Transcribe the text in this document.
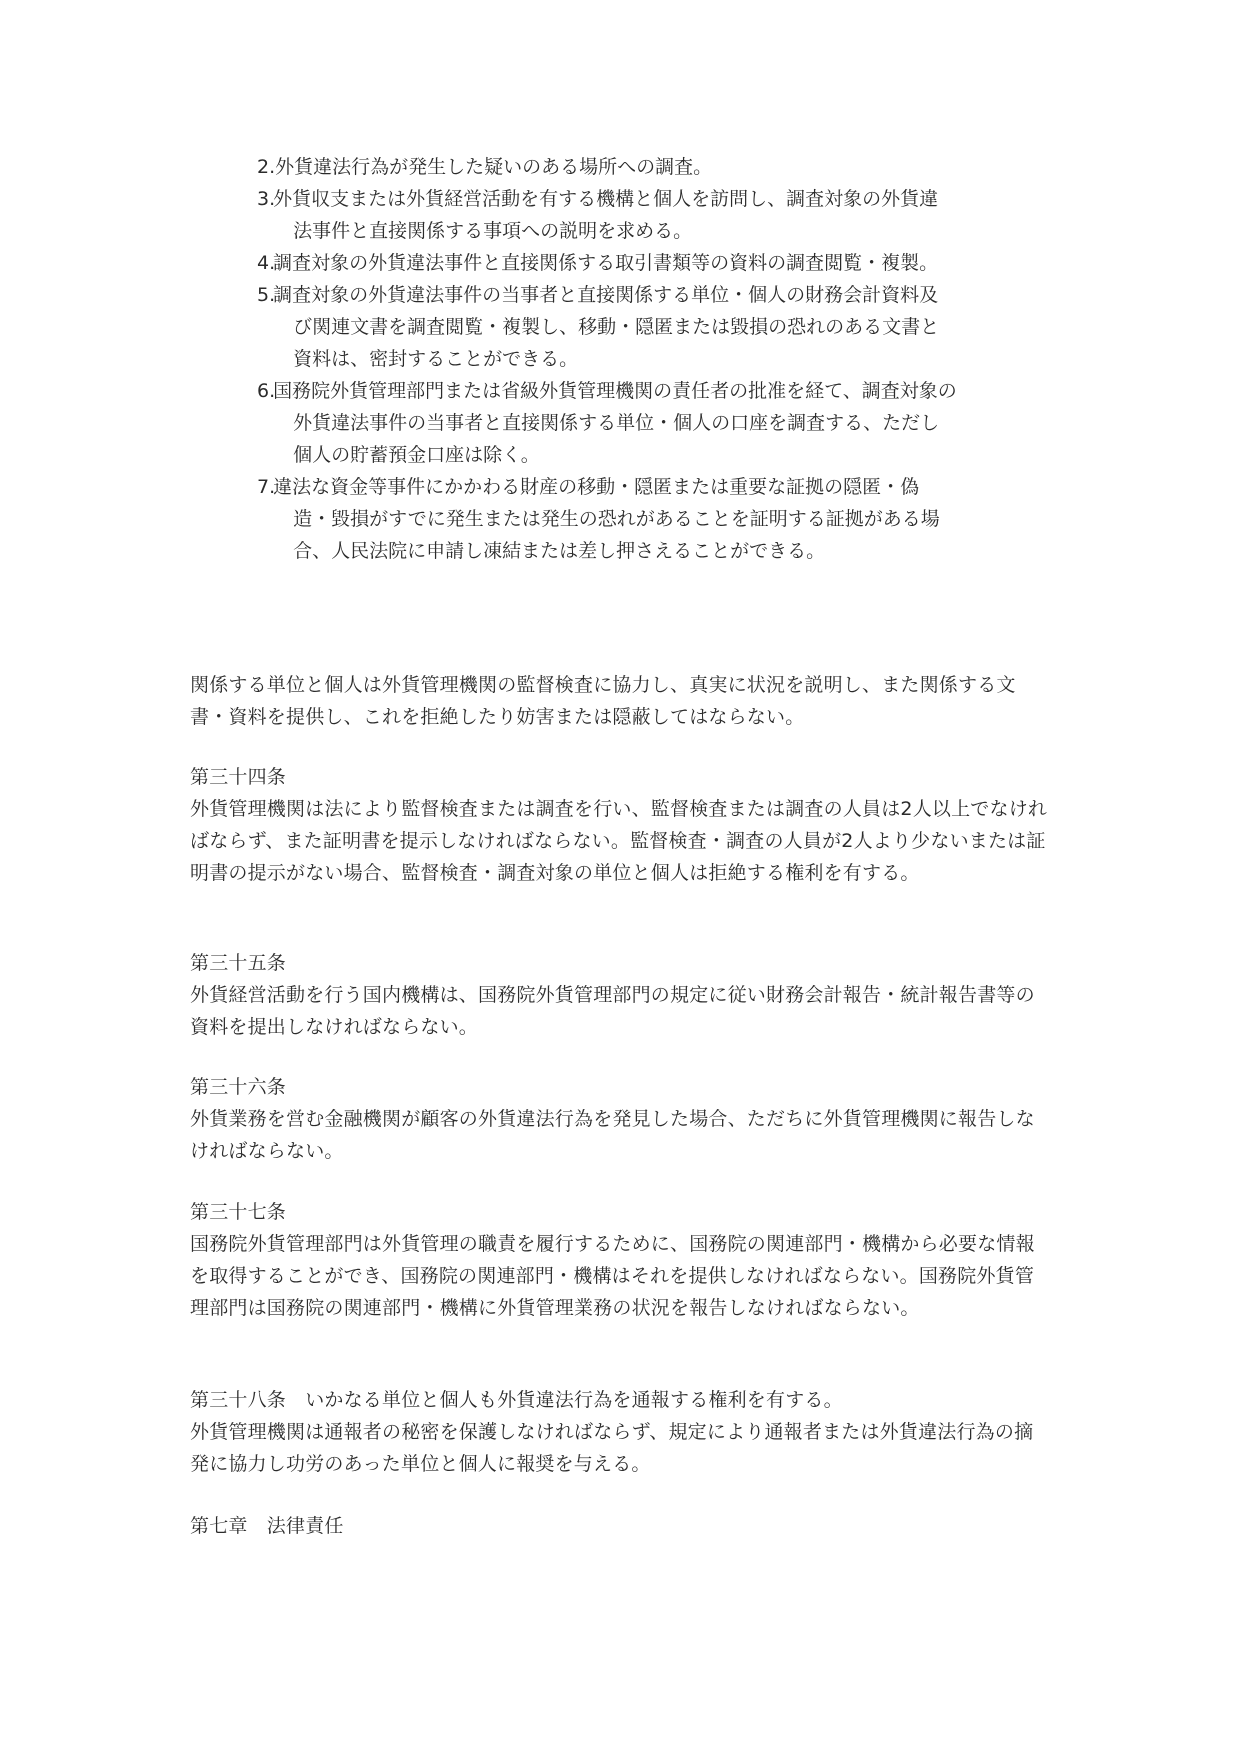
2. 外貨違法行為が発生した疑いのある場所への調査。
3.
外貨収支または外貨経営活動を有する機構と個人を訪問し、調査対象の外貨違法事件と直接関係する事項への説明を求める。
4.
調査対象の外貨違法事件と直接関係する取引書類等の資料の調査閲覧・複製。
5.
調査対象の外貨違法事件の当事者と直接関係する単位・個人の財務会計資料及び関連文書を調査閲覧・複製し、移動・隠匿または毀損の恐れのある文書と資料は、密封することができる。
6.
国務院外貨管理部門または省級外貨管理機関の責任者の批准を経て、調査対象の外貨違法事件の当事者と直接関係する単位・個人の口座を調査する、ただし個人の貯蓄預金口座は除く。
7.
違法な資金等事件にかかわる財産の移動・隠匿または重要な証拠の隠匿・偽造・毀損がすでに発生または発生の恐れがあることを証明する証拠がある場合、人民法院に申請し凍結または差し押さえることができる。

関係する単位と個人は外貨管理機関の監督検査に協力し、真実に状況を説明し、また関係する文書・資料を提供し、これを拒絶したり妨害または隠蔽してはならない。

第三十四条

外貨管理機関は法により監督検査または調査を行い、監督検査または調査の人員は2人以上でなければならず、また証明書を提示しなければならない。監督検査・調査の人員が2人より少ないまたは証明書の提示がない場合、監督検査・調査対象の単位と個人は拒絶する権利を有する。

第三十五条

外貨経営活動を行う国内機構は、国務院外貨管理部門の規定に従い財務会計報告・統計報告書等の資料を提出しなければならない。

第三十六条

外貨業務を営む金融機関が顧客の外貨違法行為を発見した場合、ただちに外貨管理機関に報告しなければならない。

第三十七条

国務院外貨管理部門は外貨管理の職責を履行するために、国務院の関連部門・機構から必要な情報を取得することができ、国務院の関連部門・機構はそれを提供しなければならない。国務院外貨管理部門は国務院の関連部門・機構に外貨管理業務の状況を報告しなければならない。

第三十八条　いかなる単位と個人も外貨違法行為を通報する権利を有する。

外貨管理機関は通報者の秘密を保護しなければならず、規定により通報者または外貨違法行為の摘発に協力し功労のあった単位と個人に報奨を与える。

第七章　法律責任
